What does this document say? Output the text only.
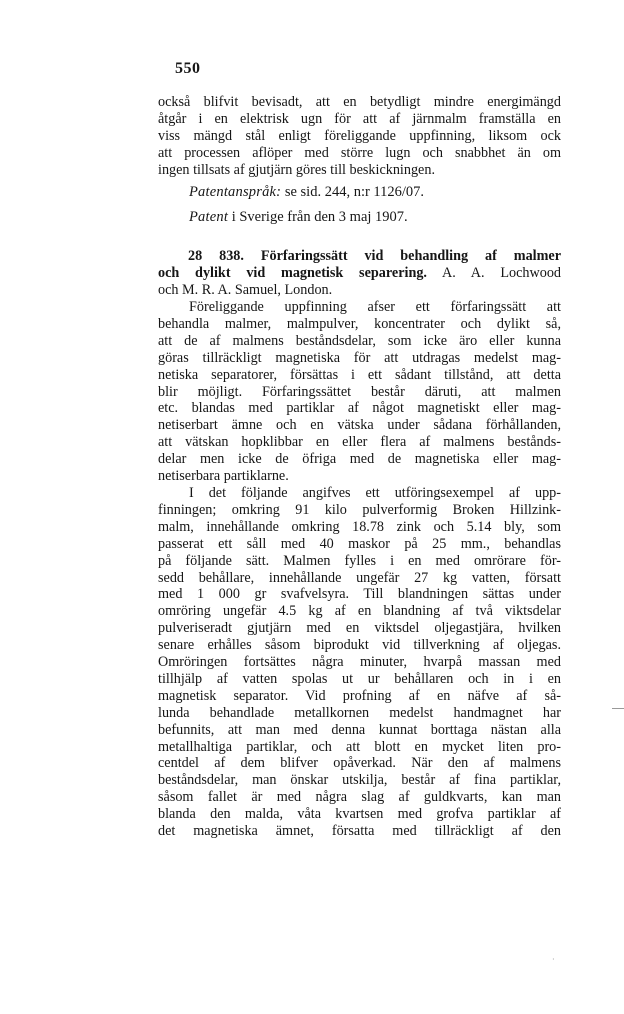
550
också blifvit bevisadt, att en betydligt mindre energimängd
åtgår i en elektrisk ugn för att af järnmalm framställa en
viss mängd stål enligt föreliggande uppfinning, liksom ock
att processen aflöper med större lugn och snabbhet än om
ingen tillsats af gjutjärn göres till beskickningen.
Patentanspråk: se sid. 244, n:r 1126/07.
Patent i Sverige från den 3 maj 1907.
28 838. Förfaringssätt vid behandling af malmer
och dylikt vid magnetisk separering. A. A. Lochwood
och M. R. A. Samuel, London.
Föreliggande uppfinning afser ett förfaringssätt att
behandla malmer, malmpulver, koncentrater och dylikt så,
att de af malmens beståndsdelar, som icke äro eller kunna
göras tillräckligt magnetiska för att utdragas medelst mag-
netiska separatorer, försättas i ett sådant tillstånd, att detta
blir möjligt. Förfaringssättet består däruti, att malmen
etc. blandas med partiklar af något magnetiskt eller mag-
netiserbart ämne och en vätska under sådana förhållanden,
att vätskan hopklibbar en eller flera af malmens bestånds-
delar men icke de öfriga med de magnetiska eller mag-
netiserbara partiklarne.
I det följande angifves ett utföringsexempel af upp-
finningen; omkring 91 kilo pulverformig Broken Hillzink-
malm, innehållande omkring 18.78 zink och 5.14 bly, som
passerat ett såll med 40 maskor på 25 mm., behandlas
på följande sätt. Malmen fylles i en med omrörare för-
sedd behållare, innehållande ungefär 27 kg vatten, försatt
med 1 000 gr svafvelsyra. Till blandningen sättas under
omröring ungefär 4.5 kg af en blandning af två viktsdelar
pulveriseradt gjutjärn med en viktsdel oljegastjära, hvilken
senare erhålles såsom biprodukt vid tillverkning af oljegas.
Omröringen fortsättes några minuter, hvarpå massan med
tillhjälp af vatten spolas ut ur behållaren och in i en
magnetisk separator. Vid profning af en näfve af så-
lunda behandlade metallkornen medelst handmagnet har
befunnits, att man med denna kunnat borttaga nästan alla
metallhaltiga partiklar, och att blott en mycket liten pro-
centdel af dem blifver opåverkad. När den af malmens
beståndsdelar, man önskar utskilja, består af fina partiklar,
såsom fallet är med några slag af guldkvarts, kan man
blanda den malda, våta kvartsen med grofva partiklar af
det magnetiska ämnet, försatta med tillräckligt af den
·
